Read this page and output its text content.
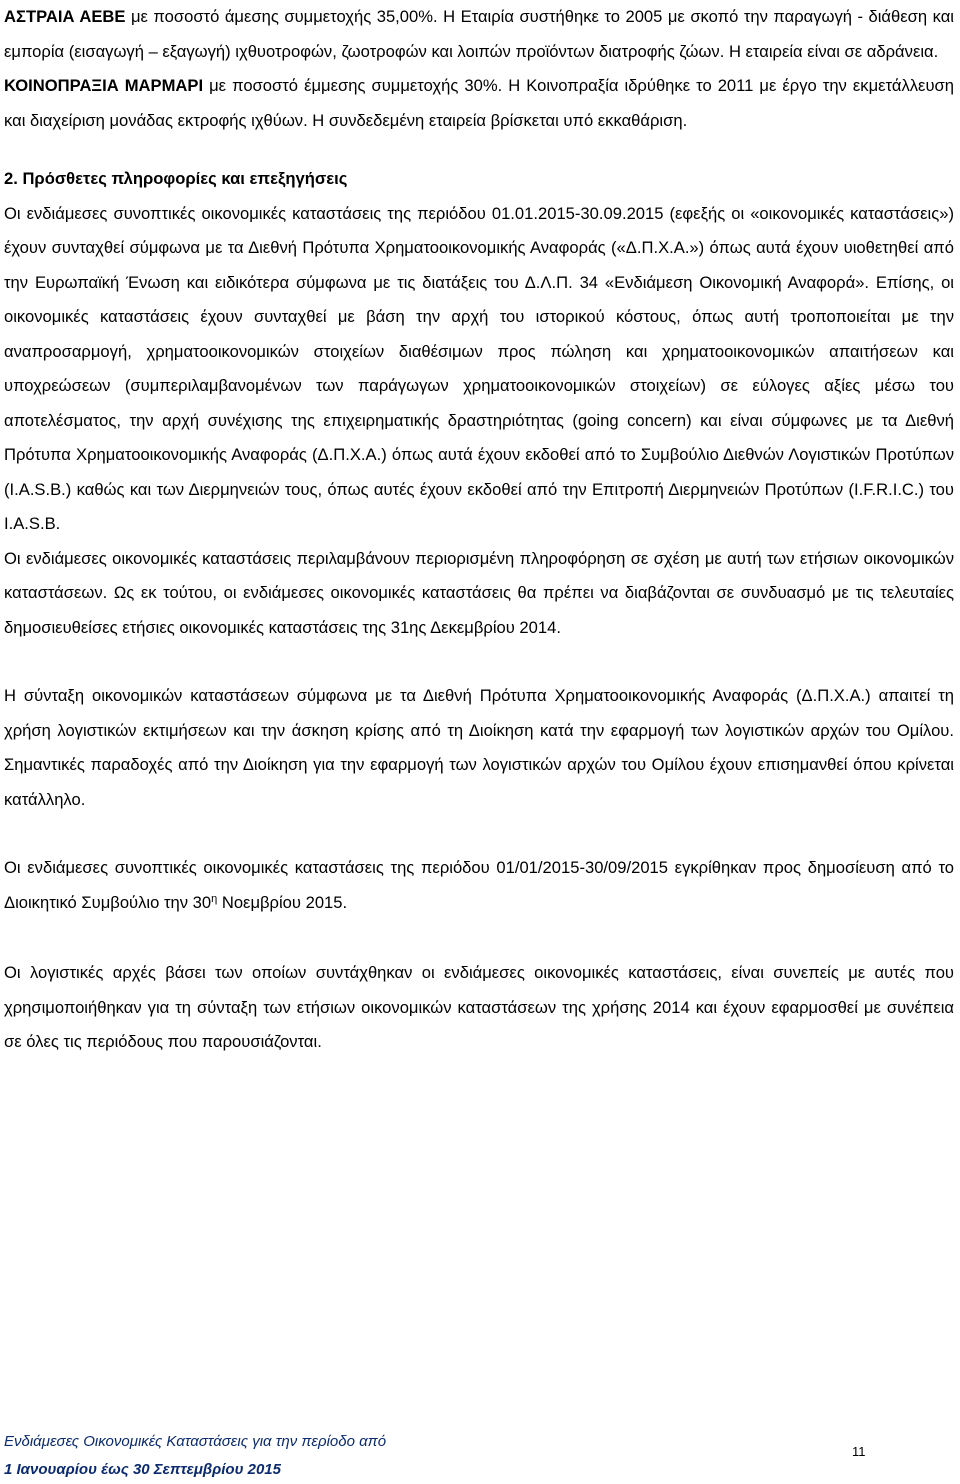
ΑΣΤΡΑΙΑ ΑΕΒΕ με ποσοστό άμεσης συμμετοχής 35,00%. Η Εταιρία συστήθηκε το 2005 με σκοπό την παραγωγή - διάθεση και εμπορία (εισαγωγή – εξαγωγή) ιχθυοτροφών, ζωοτροφών και λοιπών προϊόντων διατροφής ζώων. Η εταιρεία είναι σε αδράνεια.

ΚΟΙΝΟΠΡΑΞΙΑ ΜΑΡΜΑΡΙ με ποσοστό έμμεσης συμμετοχής 30%. Η Κοινοπραξία ιδρύθηκε το 2011 με έργο την εκμετάλλευση και διαχείριση μονάδας εκτροφής ιχθύων. Η συνδεδεμένη εταιρεία βρίσκεται υπό εκκαθάριση.

2. Πρόσθετες πληροφορίες και επεξηγήσεις

Οι ενδιάμεσες συνοπτικές οικονομικές καταστάσεις της περιόδου 01.01.2015-30.09.2015 (εφεξής οι «οικονομικές καταστάσεις») έχουν συνταχθεί σύμφωνα με τα Διεθνή Πρότυπα Χρηματοοικονομικής Αναφοράς («Δ.Π.Χ.Α.») όπως αυτά έχουν υιοθετηθεί από την Ευρωπαϊκή Ένωση και ειδικότερα σύμφωνα με τις διατάξεις του Δ.Λ.Π. 34 «Ενδιάμεση Οικονομική Αναφορά». Επίσης, οι οικονομικές καταστάσεις έχουν συνταχθεί με βάση την αρχή του ιστορικού κόστους, όπως αυτή τροποποιείται με την αναπροσαρμογή, χρηματοοικονομικών στοιχείων διαθέσιμων προς πώληση και χρηματοοικονομικών απαιτήσεων και υποχρεώσεων (συμπεριλαμβανομένων των παράγωγων χρηματοοικονομικών στοιχείων) σε εύλογες αξίες μέσω του αποτελέσματος, την αρχή συνέχισης της επιχειρηματικής δραστηριότητας (going concern) και είναι σύμφωνες με τα Διεθνή Πρότυπα Χρηματοοικονομικής Αναφοράς (Δ.Π.Χ.Α.) όπως αυτά έχουν εκδοθεί από το Συμβούλιο Διεθνών Λογιστικών Προτύπων (I.A.S.B.) καθώς και των Διερμηνειών τους, όπως αυτές έχουν εκδοθεί από την Επιτροπή Διερμηνειών Προτύπων (I.F.R.I.C.) του I.A.S.B.

Οι ενδιάμεσες οικονομικές καταστάσεις περιλαμβάνουν περιορισμένη πληροφόρηση σε σχέση με αυτή των ετήσιων οικονομικών καταστάσεων. Ως εκ τούτου, οι ενδιάμεσες οικονομικές καταστάσεις θα πρέπει να διαβάζονται σε συνδυασμό με τις τελευταίες δημοσιευθείσες ετήσιες οικονομικές καταστάσεις της 31ης Δεκεμβρίου 2014.

Η σύνταξη οικονομικών καταστάσεων σύμφωνα με τα Διεθνή Πρότυπα Χρηματοοικονομικής Αναφοράς (Δ.Π.Χ.Α.) απαιτεί τη χρήση λογιστικών εκτιμήσεων και την άσκηση κρίσης από τη Διοίκηση κατά την εφαρμογή των λογιστικών αρχών του Ομίλου. Σημαντικές παραδοχές από την Διοίκηση για την εφαρμογή των λογιστικών αρχών του Ομίλου έχουν επισημανθεί όπου κρίνεται κατάλληλο.

Οι ενδιάμεσες συνοπτικές οικονομικές καταστάσεις της περιόδου 01/01/2015-30/09/2015 εγκρίθηκαν προς δημοσίευση από το Διοικητικό Συμβούλιο την $30^\eta$ Νοεμβρίου 2015.

Οι λογιστικές αρχές βάσει των οποίων συντάχθηκαν οι ενδιάμεσες οικονομικές καταστάσεις, είναι συνεπείς με αυτές που χρησιμοποιήθηκαν για τη σύνταξη των ετήσιων οικονομικών καταστάσεων της χρήσης 2014 και έχουν εφαρμοσθεί με συνέπεια σε όλες τις περιόδους που παρουσιάζονται.

Ενδιάμεσες Οικονομικές Καταστάσεις για την περίοδο από

1 Ιανουαρίου έως 30 Σεπτεμβρίου 2015

11
